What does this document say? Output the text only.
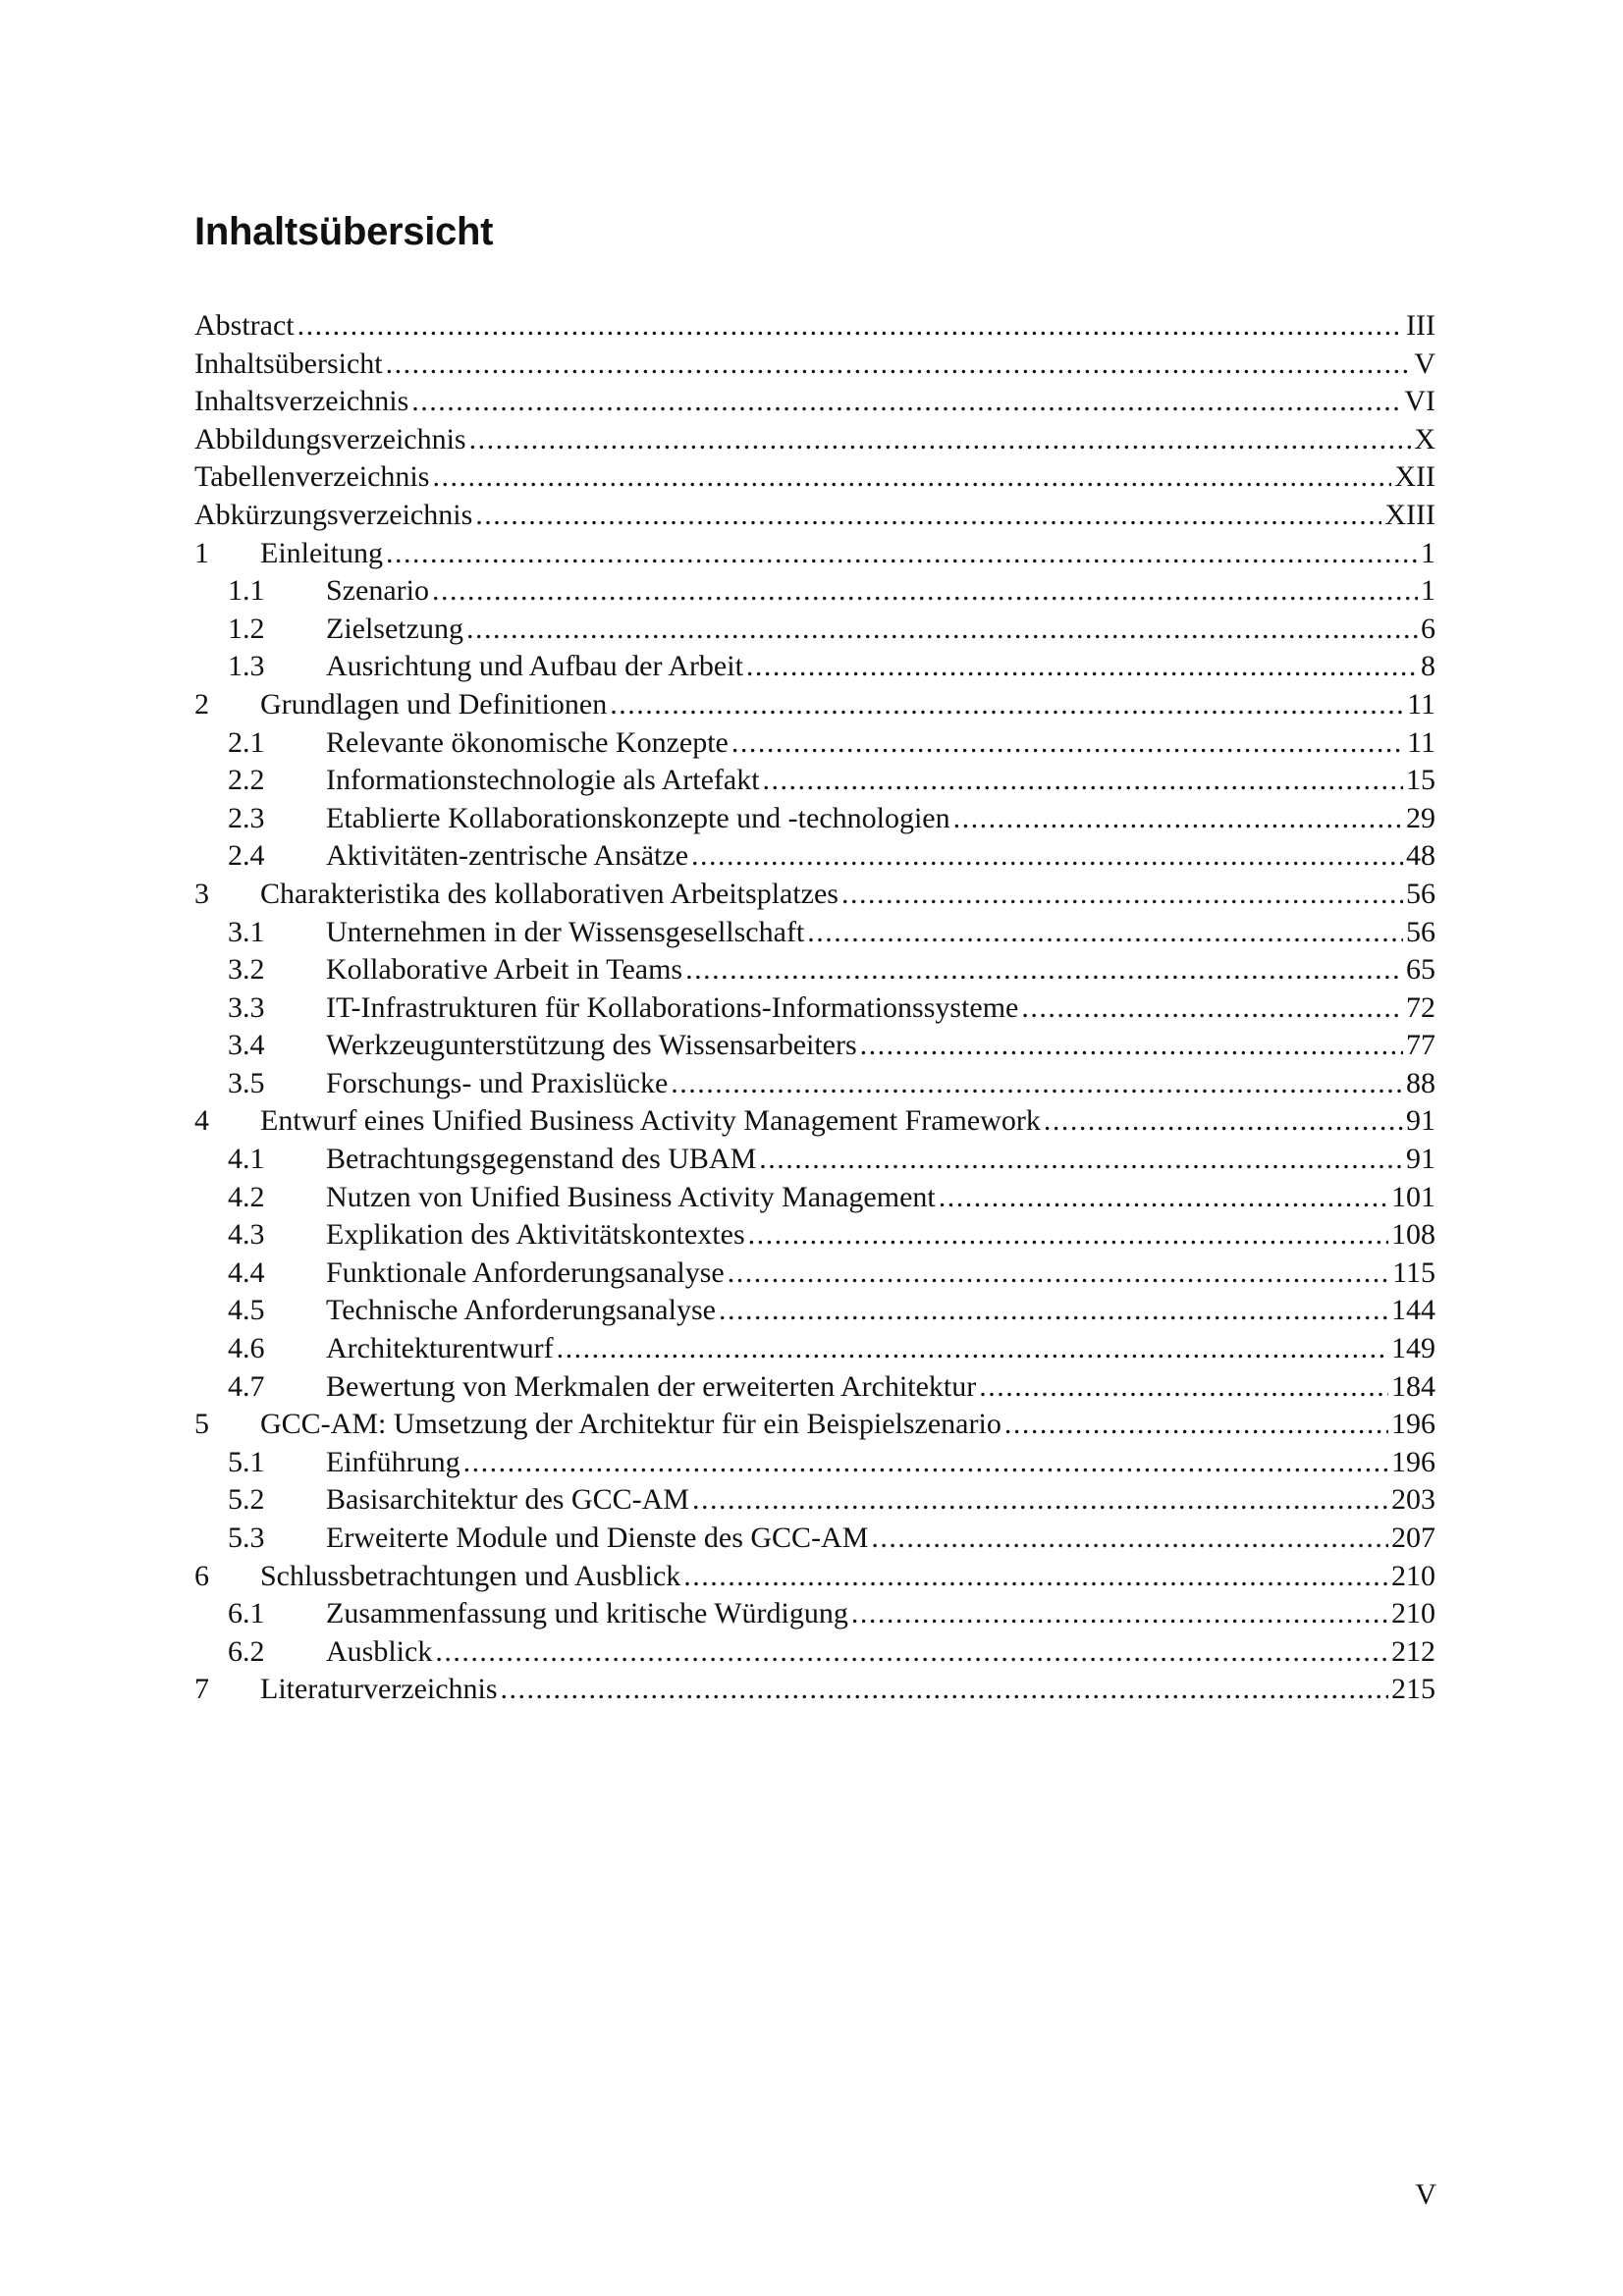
Inhaltsübersicht
Abstract .....	III
Inhaltsübersicht .....	V
Inhaltsverzeichnis .....	VI
Abbildungsverzeichnis .....	X
Tabellenverzeichnis .....	XII
Abkürzungsverzeichnis .....	XIII
1	Einleitung .....	1
1.1	Szenario .....	1
1.2	Zielsetzung .....	6
1.3	Ausrichtung und Aufbau der Arbeit .....	8
2	Grundlagen und Definitionen .....	11
2.1	Relevante ökonomische Konzepte .....	11
2.2	Informationstechnologie als Artefakt .....	15
2.3	Etablierte Kollaborationskonzepte und -technologien .....	29
2.4	Aktivitäten-zentrische Ansätze .....	48
3	Charakteristika des kollaborativen Arbeitsplatzes .....	56
3.1	Unternehmen in der Wissensgesellschaft .....	56
3.2	Kollaborative Arbeit in Teams .....	65
3.3	IT-Infrastrukturen für Kollaborations-Informationssysteme .....	72
3.4	Werkzeugunterstützung des Wissensarbeiters .....	77
3.5	Forschungs- und Praxislücke .....	88
4	Entwurf eines Unified Business Activity Management Framework .....	91
4.1	Betrachtungsgegenstand des UBAM .....	91
4.2	Nutzen von Unified Business Activity Management .....	101
4.3	Explikation des Aktivitätskontextes .....	108
4.4	Funktionale Anforderungsanalyse .....	115
4.5	Technische Anforderungsanalyse .....	144
4.6	Architekturentwurf .....	149
4.7	Bewertung von Merkmalen der erweiterten Architektur .....	184
5	GCC-AM: Umsetzung der Architektur für ein Beispielszenario .....	196
5.1	Einführung .....	196
5.2	Basisarchitektur des GCC-AM .....	203
5.3	Erweiterte Module und Dienste des GCC-AM .....	207
6	Schlussbetrachtungen und Ausblick .....	210
6.1	Zusammenfassung und kritische Würdigung .....	210
6.2	Ausblick .....	212
7	Literaturverzeichnis .....	215
V
